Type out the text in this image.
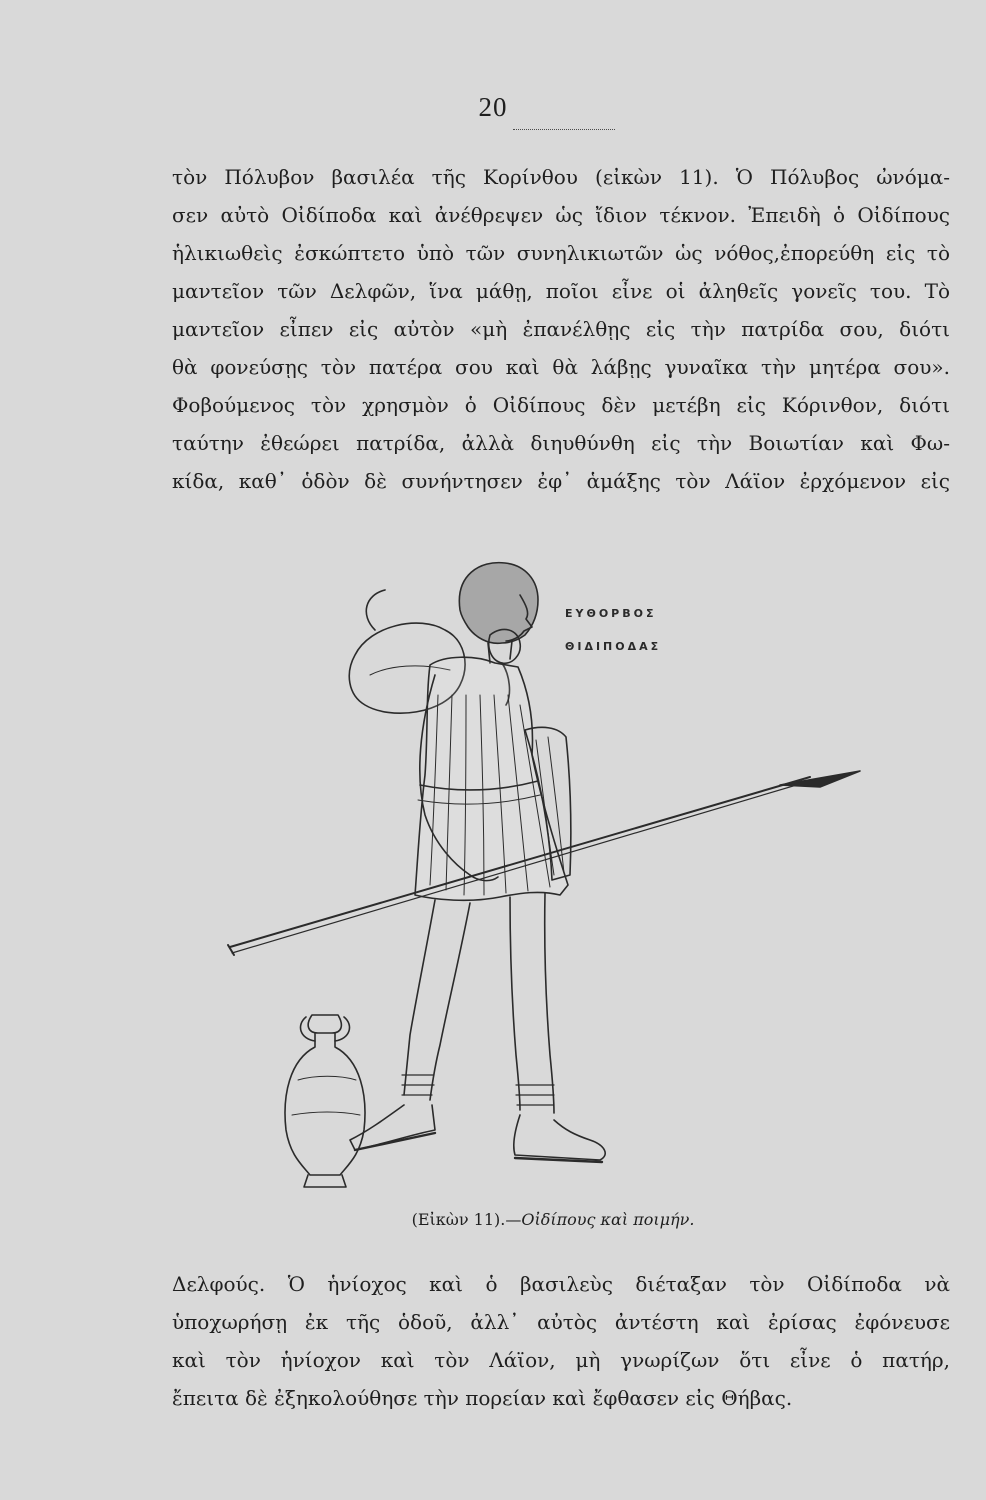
20
τὸν Πόλυβον βασιλέα τῆς Κορίνθου (εἰκὼν 11). Ὁ Πόλυβος ὠνόμα-
σεν αὐτὸ Οἰδίποδα καὶ ἀνέθρεψεν ὡς ἴδιον τέκνον. Ἐπειδὴ ὁ Οἰδίπους
ἡλικιωθεὶς ἐσκώπτετο ὑπὸ τῶν συνηλικιωτῶν ὡς νόθος,ἐπορεύθη εἰς τὸ
μαντεῖον τῶν Δελφῶν, ἵνα μάθῃ, ποῖοι εἶνε οἱ ἀληθεῖς γονεῖς του. Τὸ
μαντεῖον εἶπεν εἰς αὐτὸν «μὴ ἐπανέλθῃς εἰς τὴν πατρίδα σου, διότι
θὰ φονεύσῃς τὸν πατέρα σου καὶ θὰ λάβῃς γυναῖκα τὴν μητέρα σου».
Φοβούμενος τὸν χρησμὸν ὁ Οἰδίπους δὲν μετέβη εἰς Κόρινθον, διότι
ταύτην ἐθεώρει πατρίδα, ἀλλὰ διηυθύνθη εἰς τὴν Βοιωτίαν καὶ Φω-
κίδα, καθ᾿ ὁδὸν δὲ συνήντησεν ἐφ᾿ ἁμάξης τὸν Λάϊον ἐρχόμενον εἰς
ΕΥΘΟΡΒΟΣ
ΘΙΔΙΠΟΔΑΣ
(Εἰκὼν 11).—Οἰδίπους καὶ ποιμήν.
Δελφούς. Ὁ ἡνίοχος καὶ ὁ βασιλεὺς διέταξαν τὸν Οἰδίποδα νὰ
ὑποχωρήσῃ ἐκ τῆς ὁδοῦ, ἀλλ᾿ αὐτὸς ἀντέστη καὶ ἐρίσας ἐφόνευσε
καὶ τὸν ἡνίοχον καὶ τὸν Λάϊον, μὴ γνωρίζων ὅτι εἶνε ὁ πατήρ,
ἔπειτα δὲ ἐξηκολούθησε τὴν πορείαν καὶ ἔφθασεν εἰς Θήβας.
